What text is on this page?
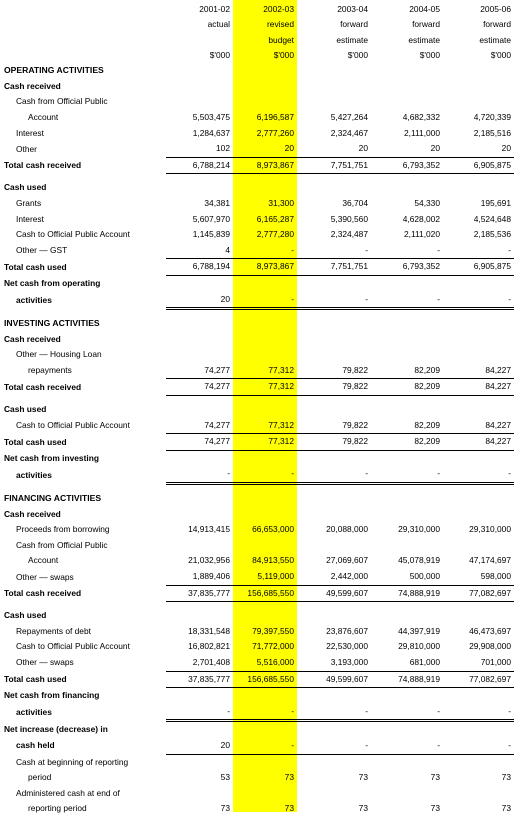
	2001-02	2002-03	2003-04	2004-05	2005-06
	actual	revised	forward	forward	forward
		budget	estimate	estimate	estimate
	$'000	$'000	$'000	$'000	$'000
OPERATING ACTIVITIES					
Cash received					
Cash from Official Public					
Account	5,503,475	6,196,587	5,427,264	4,682,332	4,720,339
Interest	1,284,637	2,777,260	2,324,467	2,111,000	2,185,516
Other	102	20	20	20	20
Total cash received	6,788,214	8,973,867	7,751,751	6,793,352	6,905,875

Cash used					
Grants	34,381	31,300	36,704	54,330	195,691
Interest	5,607,970	6,165,287	5,390,560	4,628,002	4,524,648
Cash to Official Public Account	1,145,839	2,777,280	2,324,487	2,111,020	2,185,536
Other — GST	4	-	-	-	-
Total cash used	6,788,194	8,973,867	7,751,751	6,793,352	6,905,875
Net cash from operating					
activities	20	-	-	-	-

INVESTING ACTIVITIES					
Cash received					
Other — Housing Loan					
repayments	74,277	77,312	79,822	82,209	84,227
Total cash received	74,277	77,312	79,822	82,209	84,227

Cash used					
Cash to Official Public Account	74,277	77,312	79,822	82,209	84,227
Total cash used	74,277	77,312	79,822	82,209	84,227
Net cash from investing					
activities	-	-	-	-	-

FINANCING ACTIVITIES					
Cash received					
Proceeds from borrowing	14,913,415	66,653,000	20,088,000	29,310,000	29,310,000
Cash from Official Public					
Account	21,032,956	84,913,550	27,069,607	45,078,919	47,174,697
Other — swaps	1,889,406	5,119,000	2,442,000	500,000	598,000
Total cash received	37,835,777	156,685,550	49,599,607	74,888,919	77,082,697

Cash used					
Repayments of debt	18,331,548	79,397,550	23,876,607	44,397,919	46,473,697
Cash to Official Public Account	16,802,821	71,772,000	22,530,000	29,810,000	29,908,000
Other — swaps	2,701,408	5,516,000	3,193,000	681,000	701,000
Total cash used	37,835,777	156,685,550	49,599,607	74,888,919	77,082,697
Net cash from financing					
activities	-	-	-	-	-
Net increase (decrease) in					
cash held	20	-	-	-	-
Cash at beginning of reporting					
period	53	73	73	73	73
Administered cash at end of					
reporting period	73	73	73	73	73
